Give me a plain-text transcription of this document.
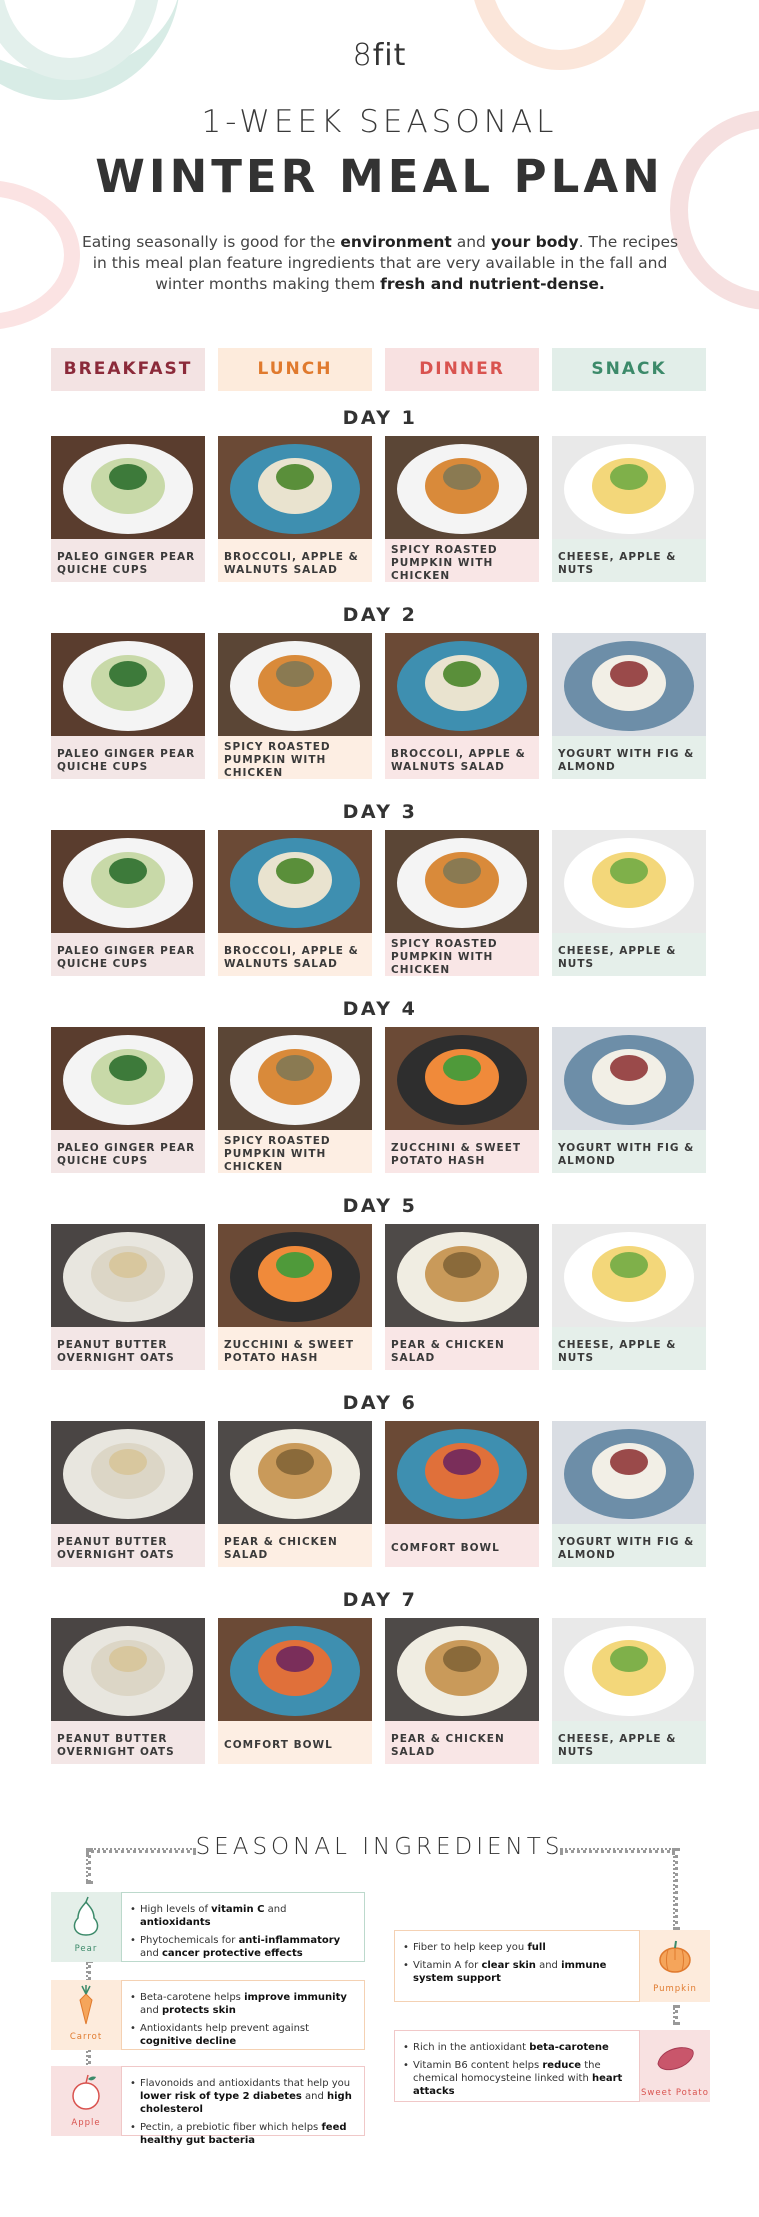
8fit
1-WEEK SEASONAL
WINTER MEAL PLAN
Eating seasonally is good for the environment and your body. The recipes in this meal plan feature ingredients that are very available in the fall and winter months making them fresh and nutrient-dense.
BREAKFAST	LUNCH	DINNER	SNACK
DAY 1
PALEO GINGER PEAR QUICHE CUPS
BROCCOLI, APPLE & WALNUTS SALAD
SPICY ROASTED PUMPKIN WITH CHICKEN
CHEESE, APPLE & NUTS
DAY 2
PALEO GINGER PEAR QUICHE CUPS
SPICY ROASTED PUMPKIN WITH CHICKEN
BROCCOLI, APPLE & WALNUTS SALAD
YOGURT WITH FIG & ALMOND
DAY 3
PALEO GINGER PEAR QUICHE CUPS
BROCCOLI, APPLE & WALNUTS SALAD
SPICY ROASTED PUMPKIN WITH CHICKEN
CHEESE, APPLE & NUTS
DAY 4
PALEO GINGER PEAR QUICHE CUPS
SPICY ROASTED PUMPKIN WITH CHICKEN
ZUCCHINI & SWEET POTATO HASH
YOGURT WITH FIG & ALMOND
DAY 5
PEANUT BUTTER OVERNIGHT OATS
ZUCCHINI & SWEET POTATO HASH
PEAR & CHICKEN SALAD
CHEESE, APPLE & NUTS
DAY 6
PEANUT BUTTER OVERNIGHT OATS
PEAR & CHICKEN SALAD
COMFORT BOWL
YOGURT WITH FIG & ALMOND
DAY 7
PEANUT BUTTER OVERNIGHT OATS
COMFORT BOWL
PEAR & CHICKEN SALAD
CHEESE, APPLE & NUTS
SEASONAL INGREDIENTS
Pear
• High levels of vitamin C and antioxidants
• Phytochemicals for anti-inflammatory and cancer protective effects
Carrot
• Beta-carotene helps improve immunity and protects skin
• Antioxidants help prevent against cognitive decline
Apple
• Flavonoids and antioxidants that help you lower risk of type 2 diabetes and high cholesterol
• Pectin, a prebiotic fiber which helps feed healthy gut bacteria
• Fiber to help keep you full
• Vitamin A for clear skin and immune system support
Pumpkin
• Rich in the antioxidant beta-carotene
• Vitamin B6 content helps reduce the chemical homocysteine linked with heart attacks	Sweet Potato
